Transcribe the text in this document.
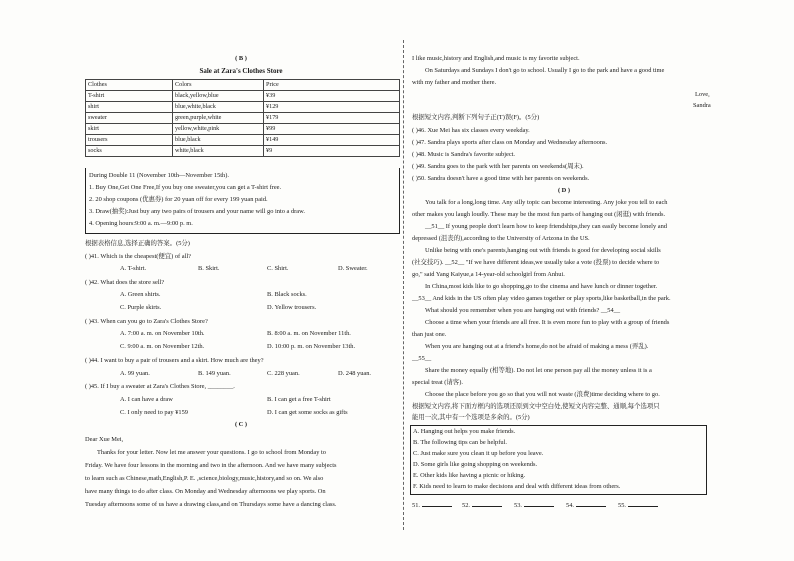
( B )
Sale at Zara's Clothes Store
Clothes	Colors	Price
T-shirt	black,yellow,blue	¥39
shirt	blue,white,black	¥129
sweater	green,purple,white	¥179
skirt	yellow,white,pink	¥99
trousers	blue,black	¥149
socks	white,black	¥9
During Double 11 (November 10th—November 15th).
1. Buy One,Get One Free,If you buy one sweater,you can get a T-shirt free.
2. 20 shop coupons (优惠券) for 20 yuan off for every 199 yuan paid.
3. Draw(抽奖):Just buy any two pairs of trousers and your name will go into a draw.
4. Opening hours:9:00 a. m.—9:00 p. m.
根据表格信息,选择正确的答案。(5分)
( )41. Which is the cheapest(便宜) of all?
A. T-shirt.	B. Skirt.	C. Shirt.	D. Sweater.
( )42. What does the store sell?
A. Green shirts.	B. Black socks.
C. Purple skirts.	D. Yellow trousers.
( )43. When can you go to Zara's Clothes Store?
A. 7:00 a. m. on November 10th.	B. 8:00 a. m. on November 11th.
C. 9:00 a. m. on November 12th.	D. 10:00 p. m. on November 13th.
( )44. I want to buy a pair of trousers and a skirt. How much are they?
A. 99 yuan.	B. 149 yuan.	C. 228 yuan.	D. 248 yuan.
( )45. If I buy a sweater at Zara's Clothes Store, ________.
A. I can have a draw	B. I can get a free T-shirt
C. I only need to pay ¥159	D. I can get some socks as gifts
( C )
Dear Xue Mei,
Thanks for your letter. Now let me answer your questions. I go to school from Monday to
Friday. We have four lessons in the morning and two in the afternoon. And we have many subjects
to learn such as Chinese,math,English,P. E. ,science,biology,music,history,and so on. We also
have many things to do after class. On Monday and Wednesday afternoons we play sports. On
Tuesday afternoons some of us have a drawing class,and on Thursdays some have a dancing class.
I like music,history and English,and music is my favorite subject.
On Saturdays and Sundays I don't go to school. Usually I go to the park and have a good time
with my father and mother there.
Love,
Sandra
根据短文内容,判断下列句子正(T)误(F)。(5分)
( )46. Xue Mei has six classes every weekday.
( )47. Sandra plays sports after class on Monday and Wednesday afternoons.
( )48. Music is Sandra's favorite subject.
( )49. Sandra goes to the park with her parents on weekends(周末).
( )50. Sandra doesn't have a good time with her parents on weekends.
( D )
You talk for a long,long time. Any silly topic can become interesting. Any joke you tell to each
other makes you laugh loudly. These may be the most fun parts of hanging out (闲逛) with friends.
__51__ If young people don't learn how to keep friendships,they can easily become lonely and
depressed (沮丧的),according to the University of Arizona in the US.
Unlike being with one's parents,hanging out with friends is good for developing social skills
(社交技巧). __52__ "If we have different ideas,we usually take a vote (投票) to decide where to
go," said Yang Kaiyue,a 14-year-old schoolgirl from Anhui.
In China,most kids like to go shopping,go to the cinema and have lunch or dinner together.
__53__ And kids in the US often play video games together or play sports,like basketball,in the park.
What should you remember when you are hanging out with friends? __54__
Choose a time when your friends are all free. It is even more fun to play with a group of friends
than just one.
When you are hanging out at a friend's home,do not be afraid of making a mess (弄乱).
__55__
Share the money equally (相等地). Do not let one person pay all the money unless it is a
special treat (请客).
Choose the place before you go so that you will not waste (浪费)time deciding where to go.
根据短文内容,将下面方框内的选项还原到文中空白处,使短文内容完整、通顺,每个选项只
能用一次,其中有一个选项是多余的。(5分)
A. Hanging out helps you make friends.
B. The following tips can be helpful.
C. Just make sure you clean it up before you leave.
D. Some girls like going shopping on weekends.
E. Other kids like having a picnic or hiking.
F. Kids need to learn to make decisions and deal with different ideas from others.
51.	52.	53.	54.	55.
